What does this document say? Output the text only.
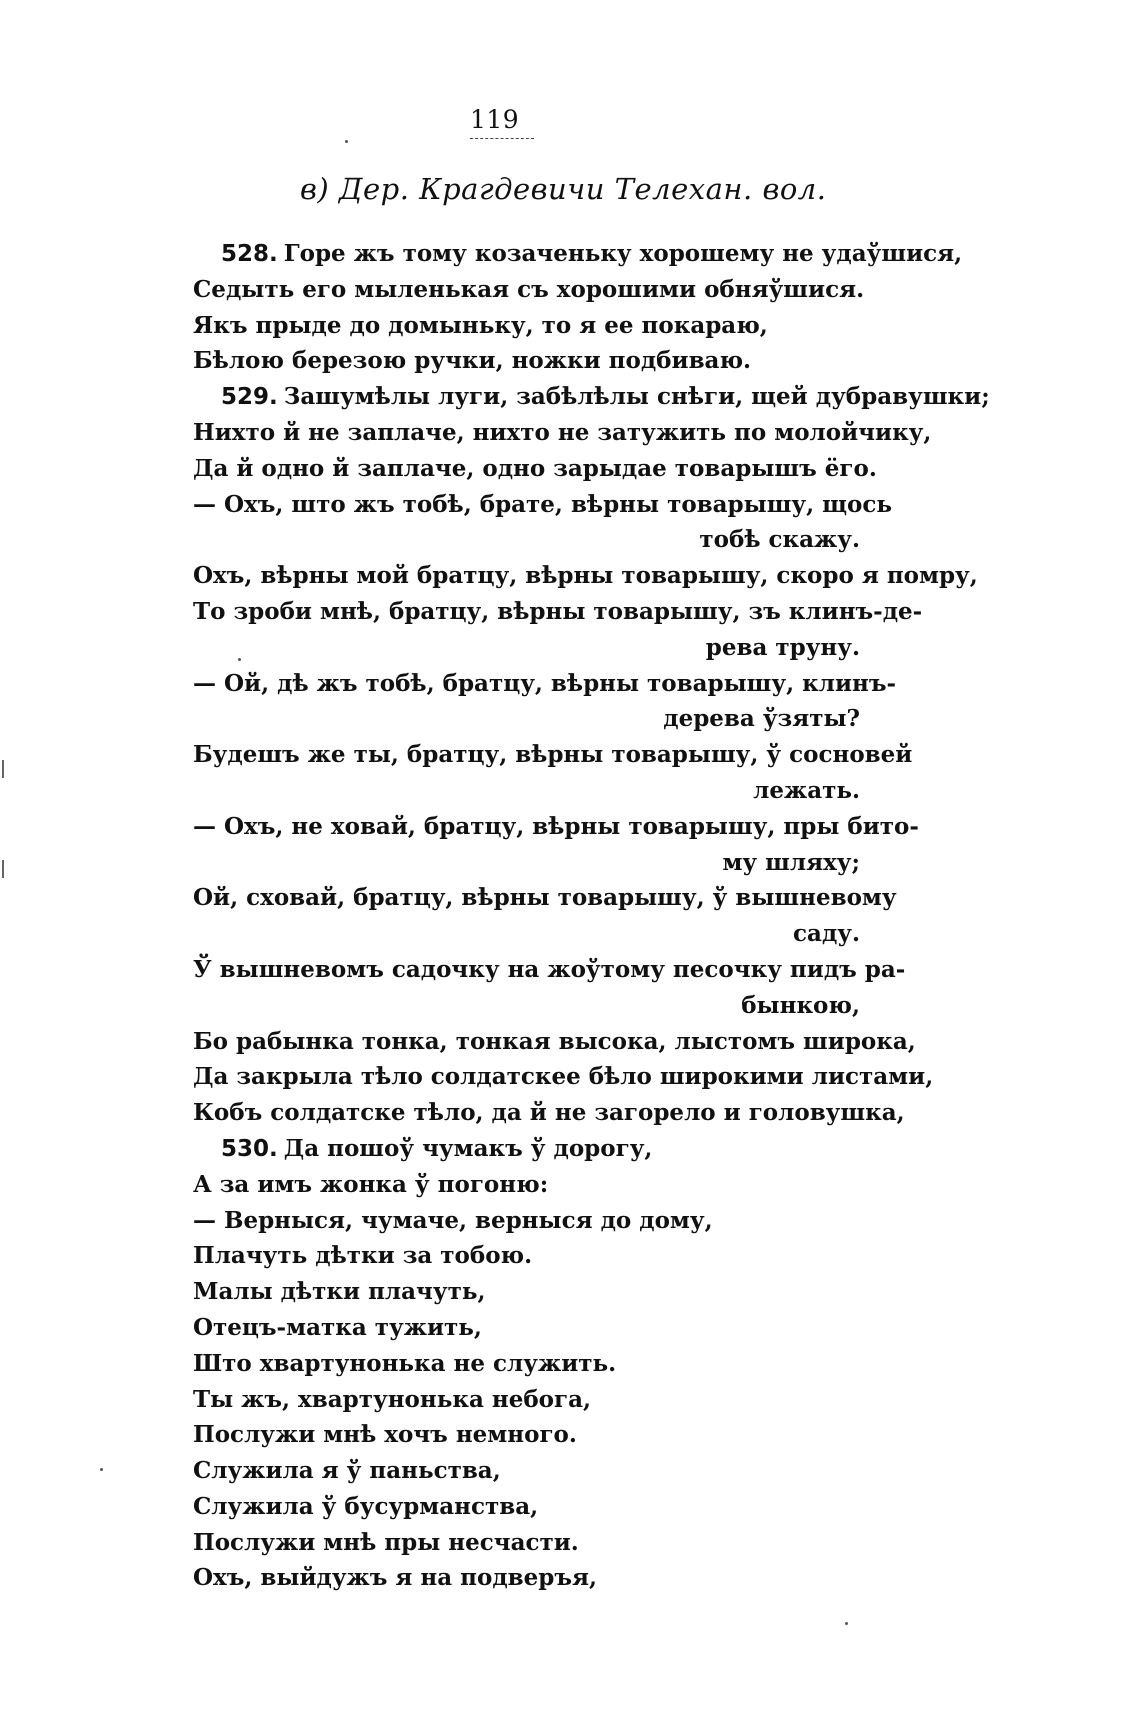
119
в) Дер. Крагдевичи Телехан. вол.
528. Горе жъ тому козаченьку хорошему не удаўшися,
Седыть его мыленькая съ хорошими обняўшися.
Якъ прыде до домыньку, то я ее покараю,
Бѣлою березою ручки, ножки подбиваю.
529. Зашумѣлы луги, забѣлѣлы снѣги, щей дубравушки;
Нихто й не заплаче, нихто не затужить по молойчику,
Да й одно й заплаче, одно зарыдае товарышъ ёго.
— Охъ, што жъ тобѣ, брате, вѣрны товарышу, щось
тобѣ скажу.
Охъ, вѣрны мой братцу, вѣрны товарышу, скоро я помру,
То зроби мнѣ, братцу, вѣрны товарышу, зъ клинъ-де-
рева труну.
— Ой, дѣ жъ тобѣ, братцу, вѣрны товарышу, клинъ-
дерева ўзяты?
Будешъ же ты, братцу, вѣрны товарышу, ў сосновей
лежать.
— Охъ, не ховай, братцу, вѣрны товарышу, пры бито-
му шляху;
Ой, сховай, братцу, вѣрны товарышу, ў вышневому
саду.
Ў вышневомъ садочку на жоўтому песочку пидъ ра-
бынкою,
Бо рабынка тонка, тонкая высока, лыстомъ широка,
Да закрыла тѣло солдатскее бѣло широкими листами,
Кобъ солдатске тѣло, да й не загорело и головушка,
530. Да пошоў чумакъ ў дорогу,
А за имъ жонка ў погоню:
— Верныся, чумаче, верныся до дому,
Плачуть дѣтки за тобою.
Малы дѣтки плачуть,
Отецъ-матка тужить,
Што хвартунонька не служить.
Ты жъ, хвартунонька небога,
Послужи мнѣ хочъ немного.
Служила я ў паньства,
Служила ў бусурманства,
Послужи мнѣ пры несчасти.
Охъ, выйдужъ я на подверъя,
